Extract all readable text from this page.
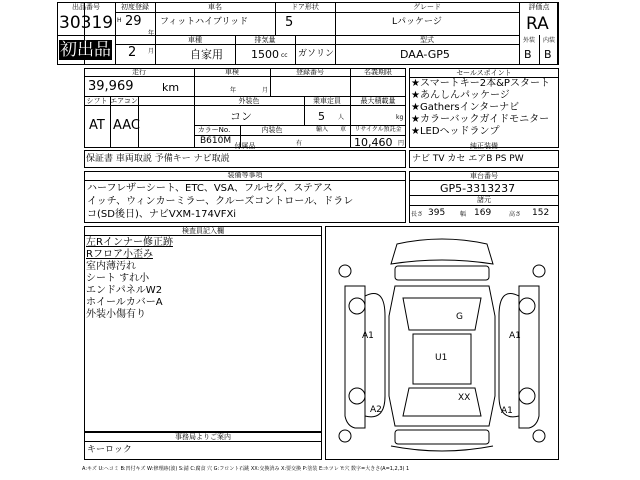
出品番号
30319
初出品
初度登録
H 29
年
2 月
車名
フィットハイブリッド
ドア形状
5
グレード
Lパッケージ
車種
自家用
排気量
1500 cc ガソリン
型式
DAA-GP5
評価点
RA
外装	内装
B B
走行
39,969	km
車検
年	月
登録番号	名義期限
シフト エアコン
AT AAC
外装色
コン
乗車定員
5 人
最大積載量
kg
カラーNo.	内装色
B610M
輸入 車
有
リサイクル預託金
10,460 円
セールスポイント
★スマートキー2本&Pスタート
★あんしんパッケージ
★Gathersインターナビ
★カラーバックガイドモニター
★LEDヘッドランプ
付属品
保証書 車両取説 予備キー ナビ取説
純正装備
ナビ TV カセ エアB PS PW
装備等事項
ハーフレザーシート、ETC、VSA、フルセグ、ステアス
イッチ、ウィンカーミラー、クルーズコントロール、ドラレ
コ(SD後日)、ナビVXM-174VFXi
車台番号
GP5-3313237
諸元
長さ 395 幅 169	高さ 152
検査員記入欄
左Rインナー修正跡
Rフロア小歪み
室内薄汚れ
シート すれ小
エンドパネルW2
ホイールカバーA
外装小傷有り
事務局よりご案内
キーロック
G
A1
U1
A1
A2
XX
A1
A:キズ U:ヘコミ B:凹付キズ W:修理跡(波) S:錆 C:腐食 穴 G:フロント石跳 XX:交換済み X:要交換 P:塗装 E:ホツレ Y:穴 数字=大きさ(A=1,2,3) 1
